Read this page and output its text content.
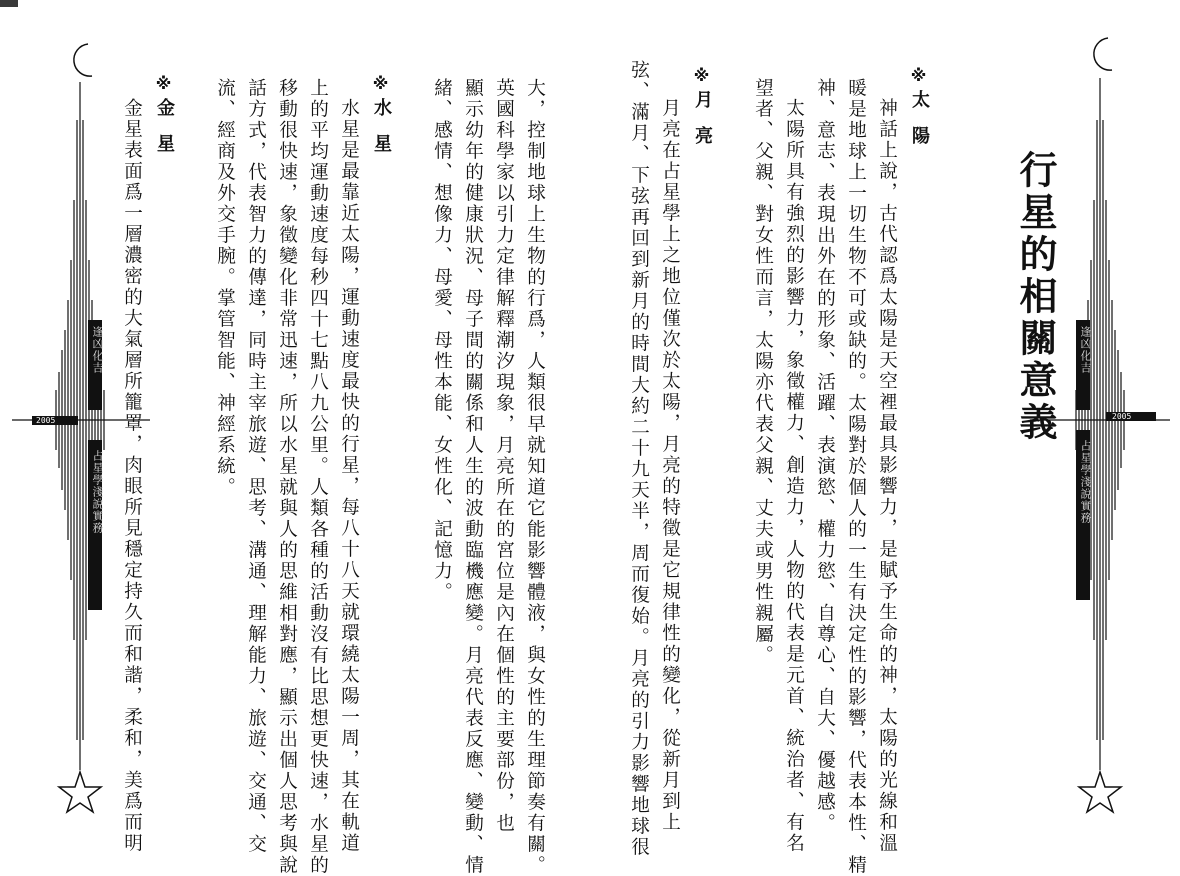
逢凶化吉
占星學淺說實務
2005	大，控制地球上生物的行爲，人類很早就知道它能影響體液，與女性的生理節奏有關。
英國科學家以引力定律解釋潮汐現象，月亮所在的宮位是內在個性的主要部份，也
顯示幼年的健康狀況、母子間的關係和人生的波動臨機應變。月亮代表反應、變動、情
緒、感情、想像力、母愛、母性本能、女性化、記憶力。
※
水星
水星是最靠近太陽，運動速度最快的行星，每八十八天就環繞太陽一周，其在軌道
上的平均運動速度每秒四十七點八九公里。人類各種的活動沒有比思想更快速，水星的
移動很快速，象徵變化非常迅速，所以水星就與人的思維相對應，顯示出個人思考與說
話方式，代表智力的傳達，同時主宰旅遊、思考、溝通、理解能力、旅遊、交通、交
流、經商及外交手腕。掌管智能、神經系統。
※
金星
金星表面爲一層濃密的大氣層所籠罩，肉眼所見穩定持久而和諧，柔和，美爲而明	逢凶化吉
占星學淺說實務
2005
行星的相關意義
※
太陽
神話上說，古代認爲太陽是天空裡最具影響力，是賦予生命的神，太陽的光線和溫
暖是地球上一切生物不可或缺的。太陽對於個人的一生有決定性的影響，代表本性、精
神、意志、表現出外在的形象、活躍、表演慾、權力慾、自尊心、自大、優越感。
太陽所具有強烈的影響力，象徵權力、創造力，人物的代表是元首、統治者、有名
望者、父親、對女性而言，太陽亦代表父親、丈夫或男性親屬。
※
月亮
月亮在占星學上之地位僅次於太陽，月亮的特徵是它規律性的變化，從新月到上
弦、滿月、下弦再回到新月的時間大約二十九天半，周而復始。月亮的引力影響地球很
